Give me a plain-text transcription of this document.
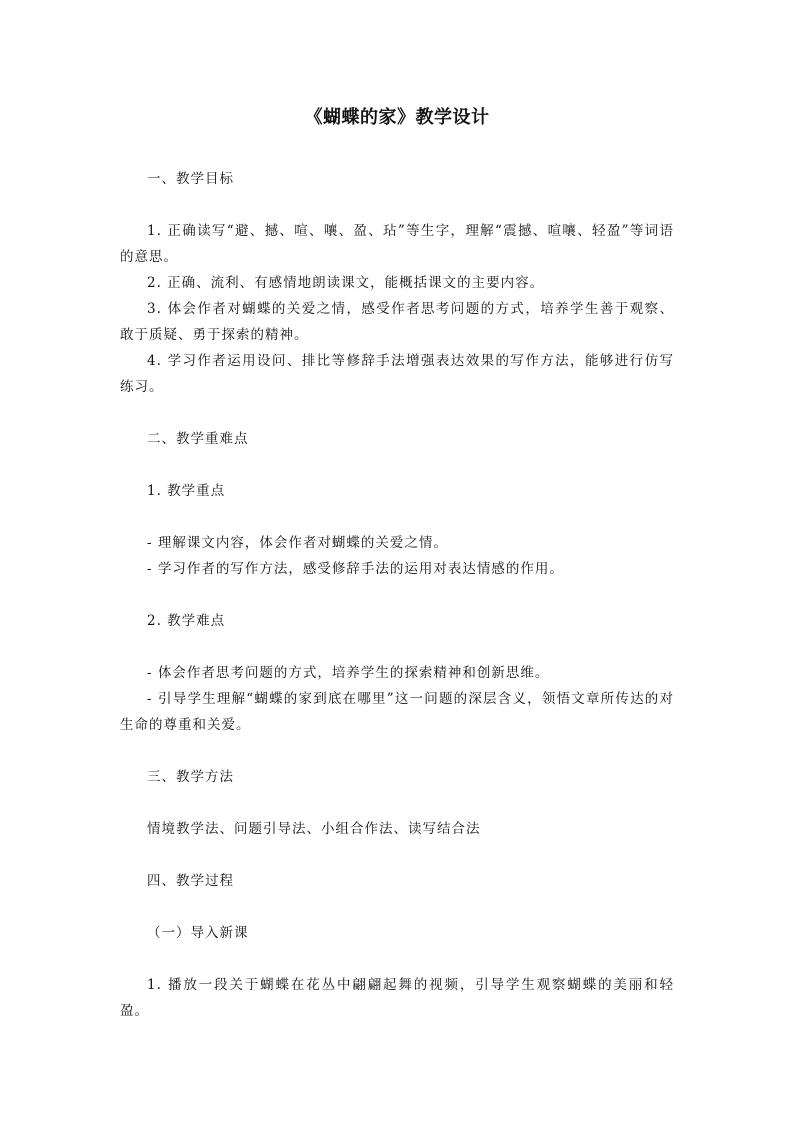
《蝴蝶的家》教学设计

一、教学目标

1. 正确读写“避、撼、喧、嚷、盈、玷”等生字，理解“震撼、喧嚷、轻盈”等词语的意思。

2. 正确、流利、有感情地朗读课文，能概括课文的主要内容。

3. 体会作者对蝴蝶的关爱之情，感受作者思考问题的方式，培养学生善于观察、敢于质疑、勇于探索的精神。

4. 学习作者运用设问、排比等修辞手法增强表达效果的写作方法，能够进行仿写练习。

二、教学重难点

1. 教学重点

- 理解课文内容，体会作者对蝴蝶的关爱之情。

- 学习作者的写作方法，感受修辞手法的运用对表达情感的作用。

2. 教学难点

- 体会作者思考问题的方式，培养学生的探索精神和创新思维。

- 引导学生理解“蝴蝶的家到底在哪里”这一问题的深层含义，领悟文章所传达的对生命的尊重和关爱。

三、教学方法

情境教学法、问题引导法、小组合作法、读写结合法

四、教学过程

（一）导入新课

1. 播放一段关于蝴蝶在花丛中翩翩起舞的视频，引导学生观察蝴蝶的美丽和轻盈。
